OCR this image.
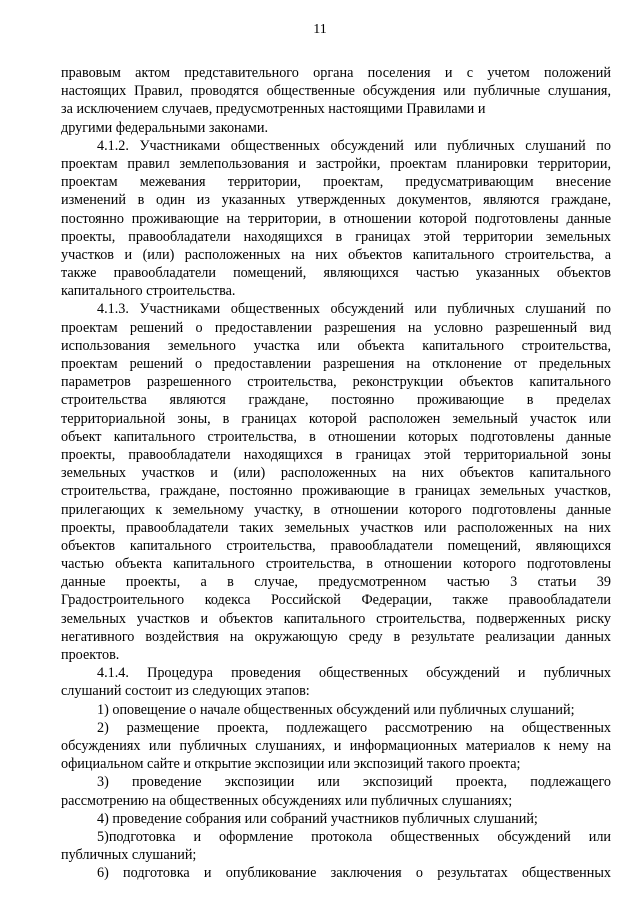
11
правовым актом представительного органа поселения и с учетом положений
настоящих Правил, проводятся общественные обсуждения или публичные слушания,
за исключением случаев, предусмотренных настоящими Правилами и
другими федеральными законами.
4.1.2. Участниками общественных обсуждений или публичных слушаний по
проектам правил землепользования и застройки, проектам планировки территории,
проектам межевания территории, проектам, предусматривающим внесение
изменений в один из указанных утвержденных документов, являются граждане,
постоянно проживающие на территории, в отношении которой подготовлены данные
проекты, правообладатели находящихся в границах этой территории земельных
участков и (или) расположенных на них объектов капитального строительства, а
также правообладатели помещений, являющихся частью указанных объектов
капитального строительства.
4.1.3. Участниками общественных обсуждений или публичных слушаний по
проектам решений о предоставлении разрешения на условно разрешенный вид
использования земельного участка или объекта капитального строительства,
проектам решений о предоставлении разрешения на отклонение от предельных
параметров разрешенного строительства, реконструкции объектов капитального
строительства являются граждане, постоянно проживающие в пределах
территориальной зоны, в границах которой расположен земельный участок или
объект капитального строительства, в отношении которых подготовлены данные
проекты, правообладатели находящихся в границах этой территориальной зоны
земельных участков и (или) расположенных на них объектов капитального
строительства, граждане, постоянно проживающие в границах земельных участков,
прилегающих к земельному участку, в отношении которого подготовлены данные
проекты, правообладатели таких земельных участков или расположенных на них
объектов капитального строительства, правообладатели помещений, являющихся
частью объекта капитального строительства, в отношении которого подготовлены
данные проекты, а в случае, предусмотренном частью 3 статьи 39
Градостроительного кодекса Российской Федерации, также правообладатели
земельных участков и объектов капитального строительства, подверженных риску
негативного воздействия на окружающую среду в результате реализации данных
проектов.
4.1.4. Процедура проведения общественных обсуждений и публичных
слушаний состоит из следующих этапов:
1) оповещение о начале общественных обсуждений или публичных слушаний;
2) размещение проекта, подлежащего рассмотрению на общественных
обсуждениях или публичных слушаниях, и информационных материалов к нему на
официальном сайте и открытие экспозиции или экспозиций такого проекта;
3) проведение экспозиции или экспозиций проекта, подлежащего
рассмотрению на общественных обсуждениях или публичных слушаниях;
4) проведение собрания или собраний участников публичных слушаний;
5)подготовка и оформление протокола общественных обсуждений или
публичных слушаний;
6) подготовка и опубликование заключения о результатах общественных
